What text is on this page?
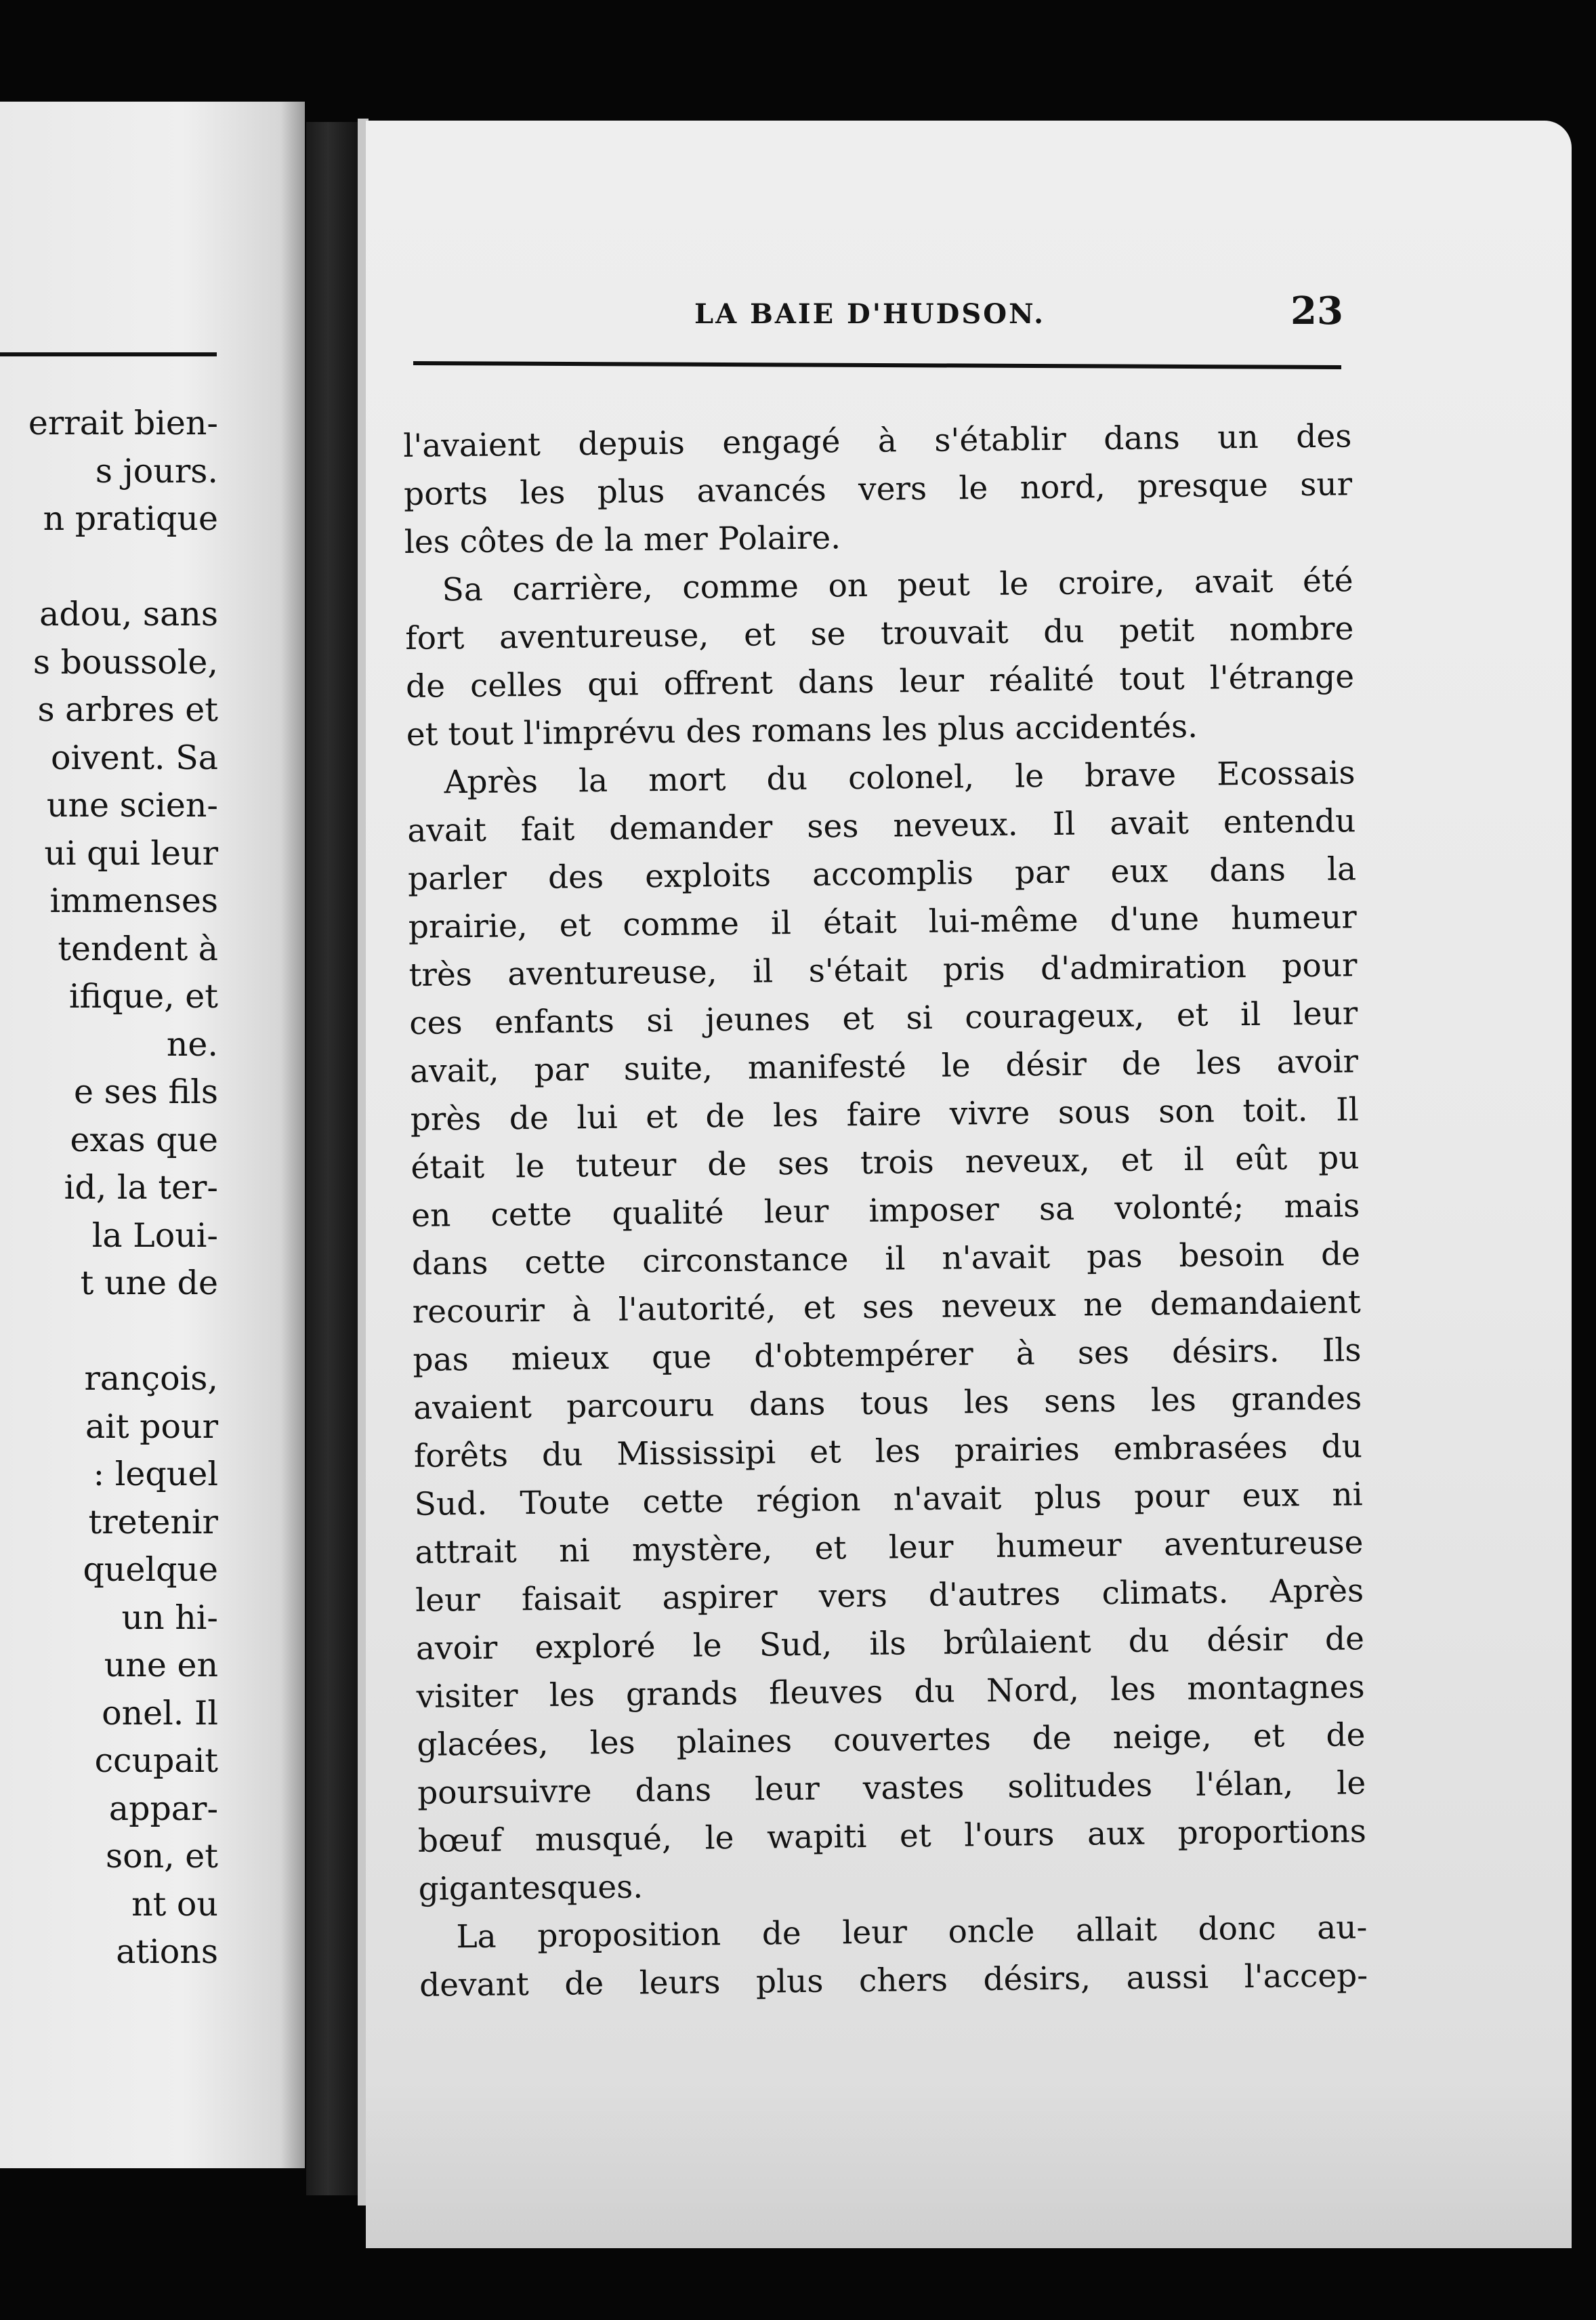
errait bien-
s jours.
n pratique
adou, sans
s boussole,
s arbres et
oivent. Sa
une scien-
ui qui leur
immenses
tendent à
ifique, et
ne.
e ses fils
exas que
id, la ter-
la Loui-
t une de
rançois,
ait pour
: lequel
tretenir
quelque
un hi-
une en
onel. Il
ccupait
appar-
son, et
nt ou
ations
LA BAIE D'HUDSON.	23
l'avaient depuis engagé à s'établir dans un des
ports les plus avancés vers le nord, presque sur
les côtes de la mer Polaire.
Sa carrière, comme on peut le croire, avait été
fort aventureuse, et se trouvait du petit nombre
de celles qui offrent dans leur réalité tout l'étrange
et tout l'imprévu des romans les plus accidentés.
Après la mort du colonel, le brave Ecossais
avait fait demander ses neveux. Il avait entendu
parler des exploits accomplis par eux dans la
prairie, et comme il était lui-même d'une humeur
très aventureuse, il s'était pris d'admiration pour
ces enfants si jeunes et si courageux, et il leur
avait, par suite, manifesté le désir de les avoir
près de lui et de les faire vivre sous son toit. Il
était le tuteur de ses trois neveux, et il eût pu
en cette qualité leur imposer sa volonté; mais
dans cette circonstance il n'avait pas besoin de
recourir à l'autorité, et ses neveux ne demandaient
pas mieux que d'obtempérer à ses désirs. Ils
avaient parcouru dans tous les sens les grandes
forêts du Mississipi et les prairies embrasées du
Sud. Toute cette région n'avait plus pour eux ni
attrait ni mystère, et leur humeur aventureuse
leur faisait aspirer vers d'autres climats. Après
avoir exploré le Sud, ils brûlaient du désir de
visiter les grands fleuves du Nord, les montagnes
glacées, les plaines couvertes de neige, et de
poursuivre dans leur vastes solitudes l'élan, le
bœuf musqué, le wapiti et l'ours aux proportions
gigantesques.
La proposition de leur oncle allait donc au-
devant de leurs plus chers désirs, aussi l'accep-
